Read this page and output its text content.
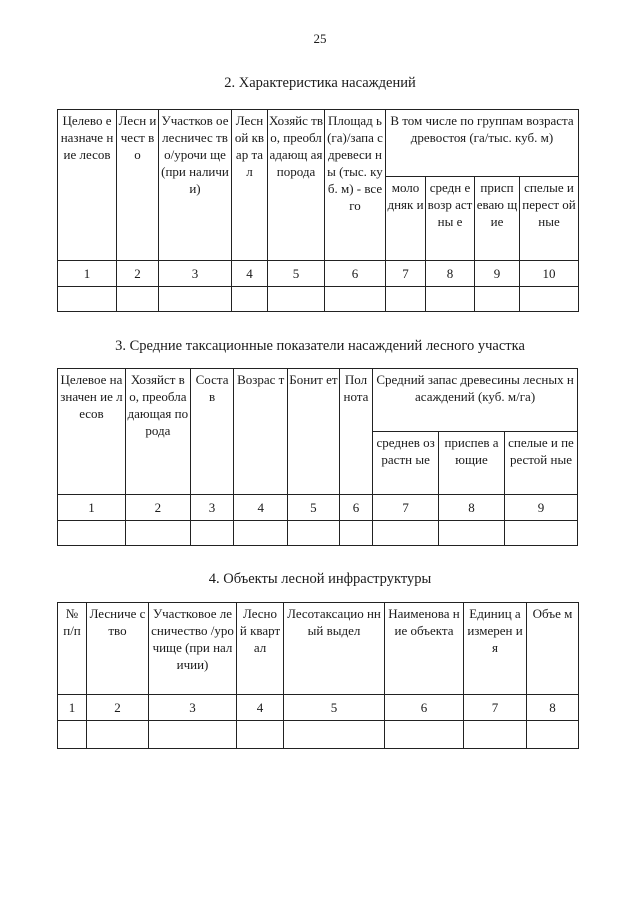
25
2. Характеристика насаждений
Целево е назначе ние лесов	Лесн ичест во	Участков ое лесничес тво/урочи ще (при наличии)	Лесн ой квар тал	Хозяйс тво, преобл адающ ая порода	Площад ь (га)/запа с древеси ны (тыс. куб. м) - всего	В том числе по группам возраста древостоя (га/тыс. куб. м)			
						моло дняк и	средн евозр астны е	присп еваю щие	спелые и перест ойные
1	2	3	4	5	6	7	8	9	10

3. Средние таксационные показатели насаждений лесного участка
Целевое назначен ие лесов	Хозяйст во, преобла дающая порода	Соста в	Возрас т	Бонит ет	Пол нота	Средний запас древесины лесных насаждений (куб. м/га)		
						среднев озрастн ые	приспев ающие	спелые и перестой ные
1	2	3	4	5	6	7	8	9

4. Объекты лесной инфраструктуры
№ п/п	Лесниче ство	Участковое лесничество /урочище (при наличии)	Лесно й кварт ал	Лесотаксацио нный выдел	Наименова ние объекта	Единиц а измерен ия	Объе м
1	2	3	4	5	6	7	8
